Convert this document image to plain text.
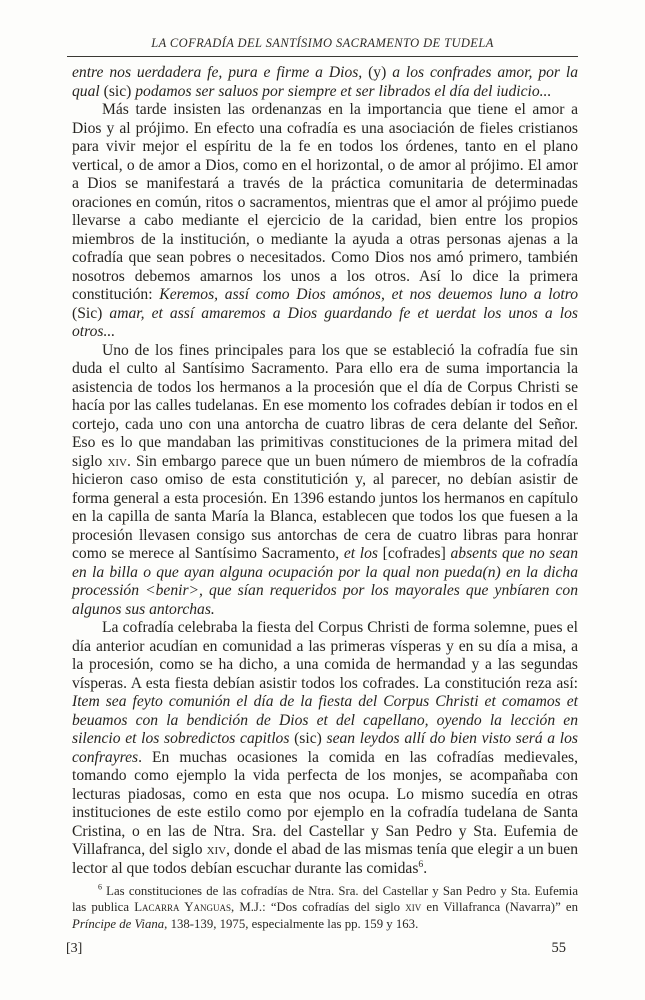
LA COFRADÍA DEL SANTÍSIMO SACRAMENTO DE TUDELA

entre nos uerdadera fe, pura e firme a Dios, (y) a los confrades amor, por la qual (sic) podamos ser saluos por siempre et ser librados el día del iudicio...

Más tarde insisten las ordenanzas en la importancia que tiene el amor a Dios y al prójimo. En efecto una cofradía es una asociación de fieles cristianos para vivir mejor el espíritu de la fe en todos los órdenes, tanto en el plano vertical, o de amor a Dios, como en el horizontal, o de amor al prójimo. El amor a Dios se manifestará a través de la práctica comunitaria de determinadas oraciones en común, ritos o sacramentos, mientras que el amor al prójimo puede llevarse a cabo mediante el ejercicio de la caridad, bien entre los propios miembros de la institución, o mediante la ayuda a otras personas ajenas a la cofradía que sean pobres o necesitados. Como Dios nos amó primero, también nosotros debemos amarnos los unos a los otros. Así lo dice la primera constitución: Keremos, assí como Dios amónos, et nos deuemos luno a lotro (Sic) amar, et assí amaremos a Dios guardando fe et uerdat los unos a los otros...

Uno de los fines principales para los que se estableció la cofradía fue sin duda el culto al Santísimo Sacramento. Para ello era de suma importancia la asistencia de todos los hermanos a la procesión que el día de Corpus Christi se hacía por las calles tudelanas. En ese momento los cofrades debían ir todos en el cortejo, cada uno con una antorcha de cuatro libras de cera delante del Señor. Eso es lo que mandaban las primitivas constituciones de la primera mitad del siglo xiv. Sin embargo parece que un buen número de miembros de la cofradía hicieron caso omiso de esta constitutición y, al parecer, no debían asistir de forma general a esta procesión. En 1396 estando juntos los hermanos en capítulo en la capilla de santa María la Blanca, establecen que todos los que fuesen a la procesión llevasen consigo sus antorchas de cera de cuatro libras para honrar como se merece al Santísimo Sacramento, et los [cofrades] absents que no sean en la billa o que ayan alguna ocupación por la qual non pueda(n) en la dicha processión <benir>, que sían requeridos por los mayorales que ynbíaren con algunos sus antorchas.

La cofradía celebraba la fiesta del Corpus Christi de forma solemne, pues el día anterior acudían en comunidad a las primeras vísperas y en su día a misa, a la procesión, como se ha dicho, a una comida de hermandad y a las segundas vísperas. A esta fiesta debían asistir todos los cofrades. La constitución reza así: Item sea feyto comunión el día de la fiesta del Corpus Christi et comamos et beuamos con la bendición de Dios et del capellano, oyendo la lección en silencio et los sobredictos capitlos (sic) sean leydos allí do bien visto será a los confrayres. En muchas ocasiones la comida en las cofradías medievales, tomando como ejemplo la vida perfecta de los monjes, se acompañaba con lecturas piadosas, como en esta que nos ocupa. Lo mismo sucedía en otras instituciones de este estilo como por ejemplo en la cofradía tudelana de Santa Cristina, o en las de Ntra. Sra. del Castellar y San Pedro y Sta. Eufemia de Villafranca, del siglo xiv, donde el abad de las mismas tenía que elegir a un buen lector al que todos debían escuchar durante las comidas$^6$.

$^6$ Las constituciones de las cofradías de Ntra. Sra. del Castellar y San Pedro y Sta. Eufemia las publica Lacarra Yanguas, M.J.: “Dos cofradías del siglo xiv en Villafranca (Navarra)” en Príncipe de Viana, 138-139, 1975, especialmente las pp. 159 y 163.
[3]	55
